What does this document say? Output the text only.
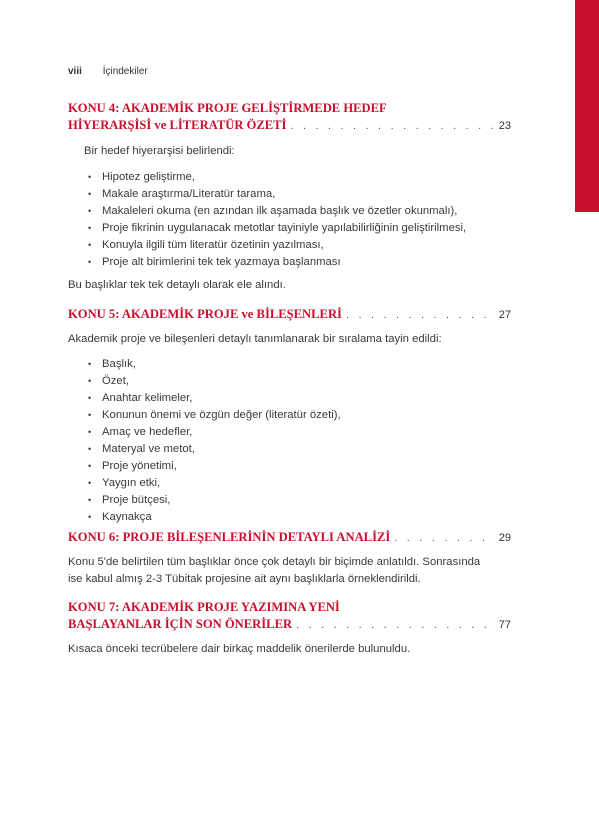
viii İçindekiler
KONU 4: AKADEMİK PROJE GELİŞTİRMEDE HEDEF
HİYERARŞİSİ ve LİTERATÜR ÖZETİ . . .	23

Bir hedef hiyerarşisi belirlendi:

• Hipotez geliştirme,
• Makale araştırma/Literatür tarama,
• Makaleleri okuma (en azından ilk aşamada başlık ve özetler okunmalı),
• Proje fikrinin uygulanacak metotlar tayiniyle yapılabilirliğinin geliştirilmesi,
• Konuyla ilgili tüm literatür özetinin yazılması,
• Proje alt birimlerini tek tek yazmaya başlanması

Bu başlıklar tek tek detaylı olarak ele alındı.

KONU 5: AKADEMİK PROJE ve BİLEŞENLERİ . . .	27

Akademik proje ve bileşenleri detaylı tanımlanarak bir sıralama tayin edildi:

• Başlık,
• Özet,
• Anahtar kelimeler,
• Konunun önemi ve özgün değer (literatür özeti),
• Amaç ve hedefler,
• Materyal ve metot,
• Proje yönetimi,
• Yaygın etki,
• Proje bütçesi,
• Kaynakça
KONU 6: PROJE BİLEŞENLERİNİN DETAYLI ANALİZİ . . .	29

Konu 5'de belirtilen tüm başlıklar önce çok detaylı bir biçimde anlatıldı. Sonrasında

ise kabul almış 2-3 Tübitak projesine ait aynı başlıklarla örneklendirildi.

KONU 7: AKADEMİK PROJE YAZIMINA YENİ
BAŞLAYANLAR İÇİN SON ÖNERİLER . . .	77

Kısaca önceki tecrübelere dair birkaç maddelik önerilerde bulunuldu.
